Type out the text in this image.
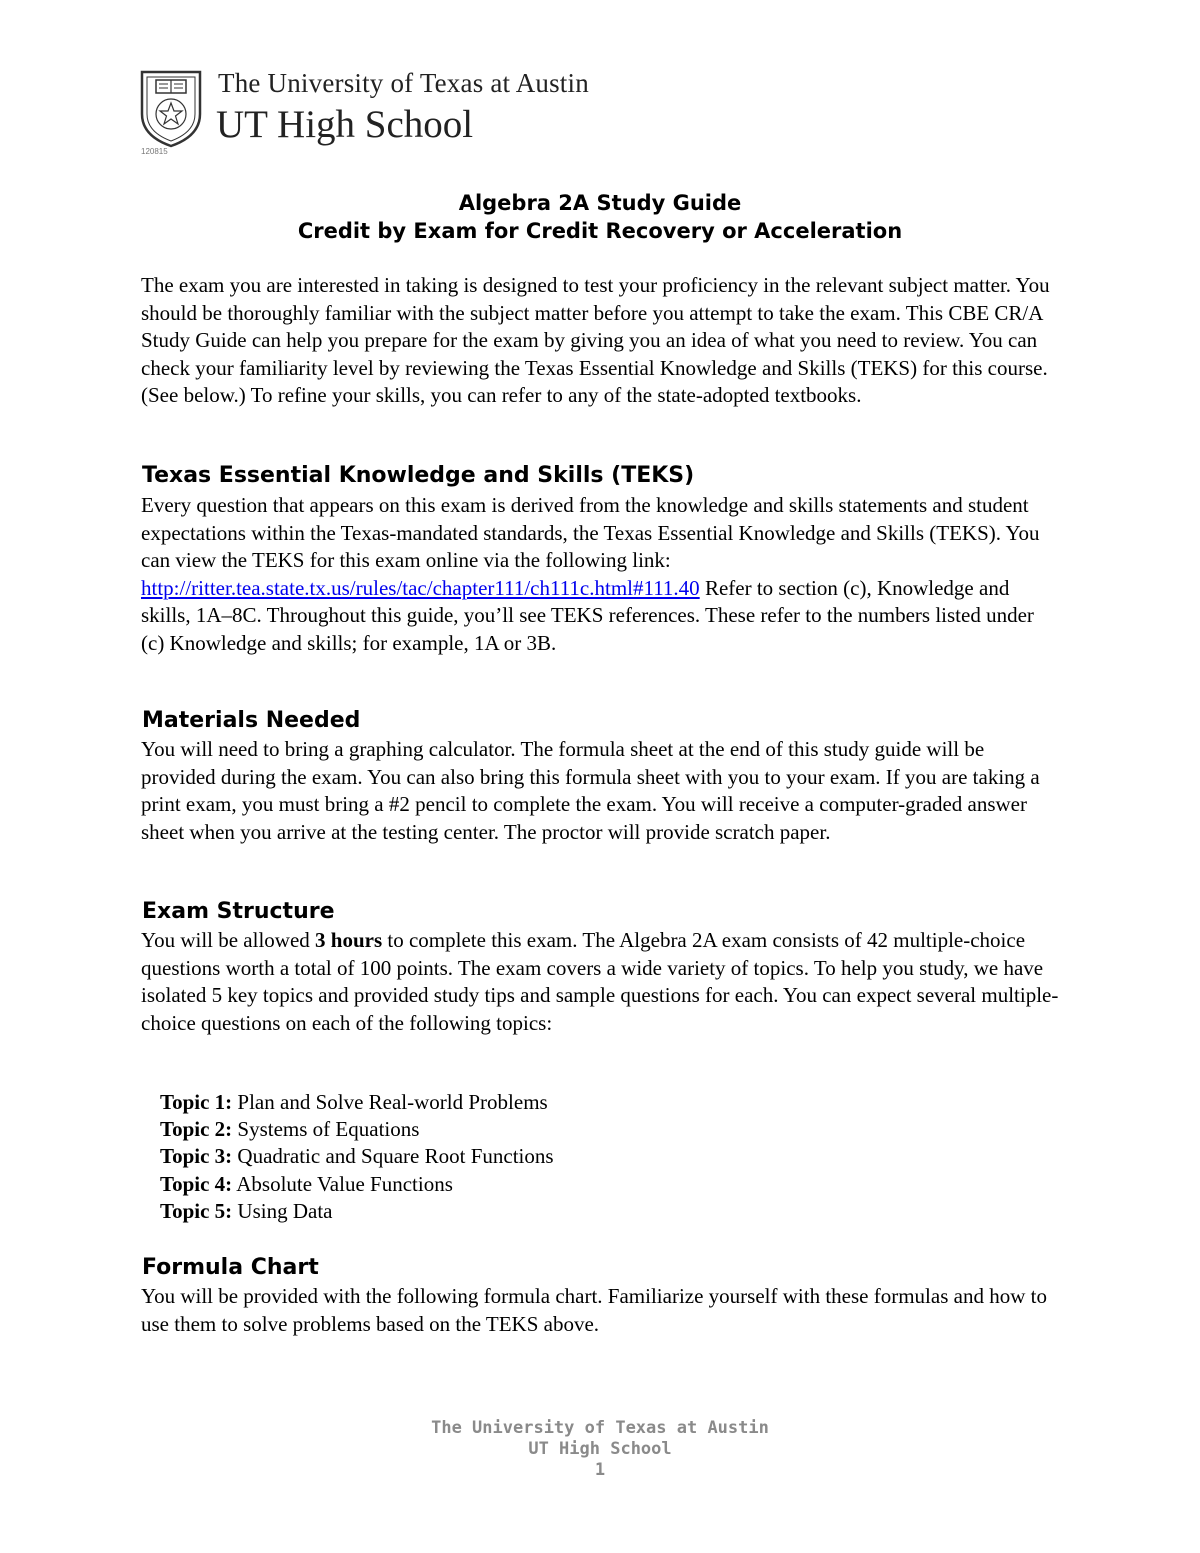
The University of Texas at Austin
UT High School
120815
Algebra 2A Study Guide
Credit by Exam for Credit Recovery or Acceleration
The exam you are interested in taking is designed to test your proficiency in the relevant subject matter. You should be thoroughly familiar with the subject matter before you attempt to take the exam. This CBE CR/A Study Guide can help you prepare for the exam by giving you an idea of what you need to review. You can check your familiarity level by reviewing the Texas Essential Knowledge and Skills (TEKS) for this course. (See below.) To refine your skills, you can refer to any of the state-adopted textbooks.
Texas Essential Knowledge and Skills (TEKS)
Every question that appears on this exam is derived from the knowledge and skills statements and student expectations within the Texas-mandated standards, the Texas Essential Knowledge and Skills (TEKS). You can view the TEKS for this exam online via the following link: http://ritter.tea.state.tx.us/rules/tac/chapter111/ch111c.html#111.40 Refer to section (c), Knowledge and skills, 1A–8C. Throughout this guide, you’ll see TEKS references. These refer to the numbers listed under (c) Knowledge and skills; for example, 1A or 3B.
Materials Needed
You will need to bring a graphing calculator. The formula sheet at the end of this study guide will be provided during the exam. You can also bring this formula sheet with you to your exam. If you are taking a print exam, you must bring a #2 pencil to complete the exam. You will receive a computer-graded answer sheet when you arrive at the testing center. The proctor will provide scratch paper.
Exam Structure
You will be allowed 3 hours to complete this exam. The Algebra 2A exam consists of 42 multiple-choice questions worth a total of 100 points. The exam covers a wide variety of topics. To help you study, we have isolated 5 key topics and provided study tips and sample questions for each. You can expect several multiple-choice questions on each of the following topics:
Topic 1: Plan and Solve Real-world Problems
Topic 2: Systems of Equations
Topic 3: Quadratic and Square Root Functions
Topic 4: Absolute Value Functions
Topic 5: Using Data
Formula Chart
You will be provided with the following formula chart. Familiarize yourself with these formulas and how to use them to solve problems based on the TEKS above.
The University of Texas at Austin
UT High School
1
